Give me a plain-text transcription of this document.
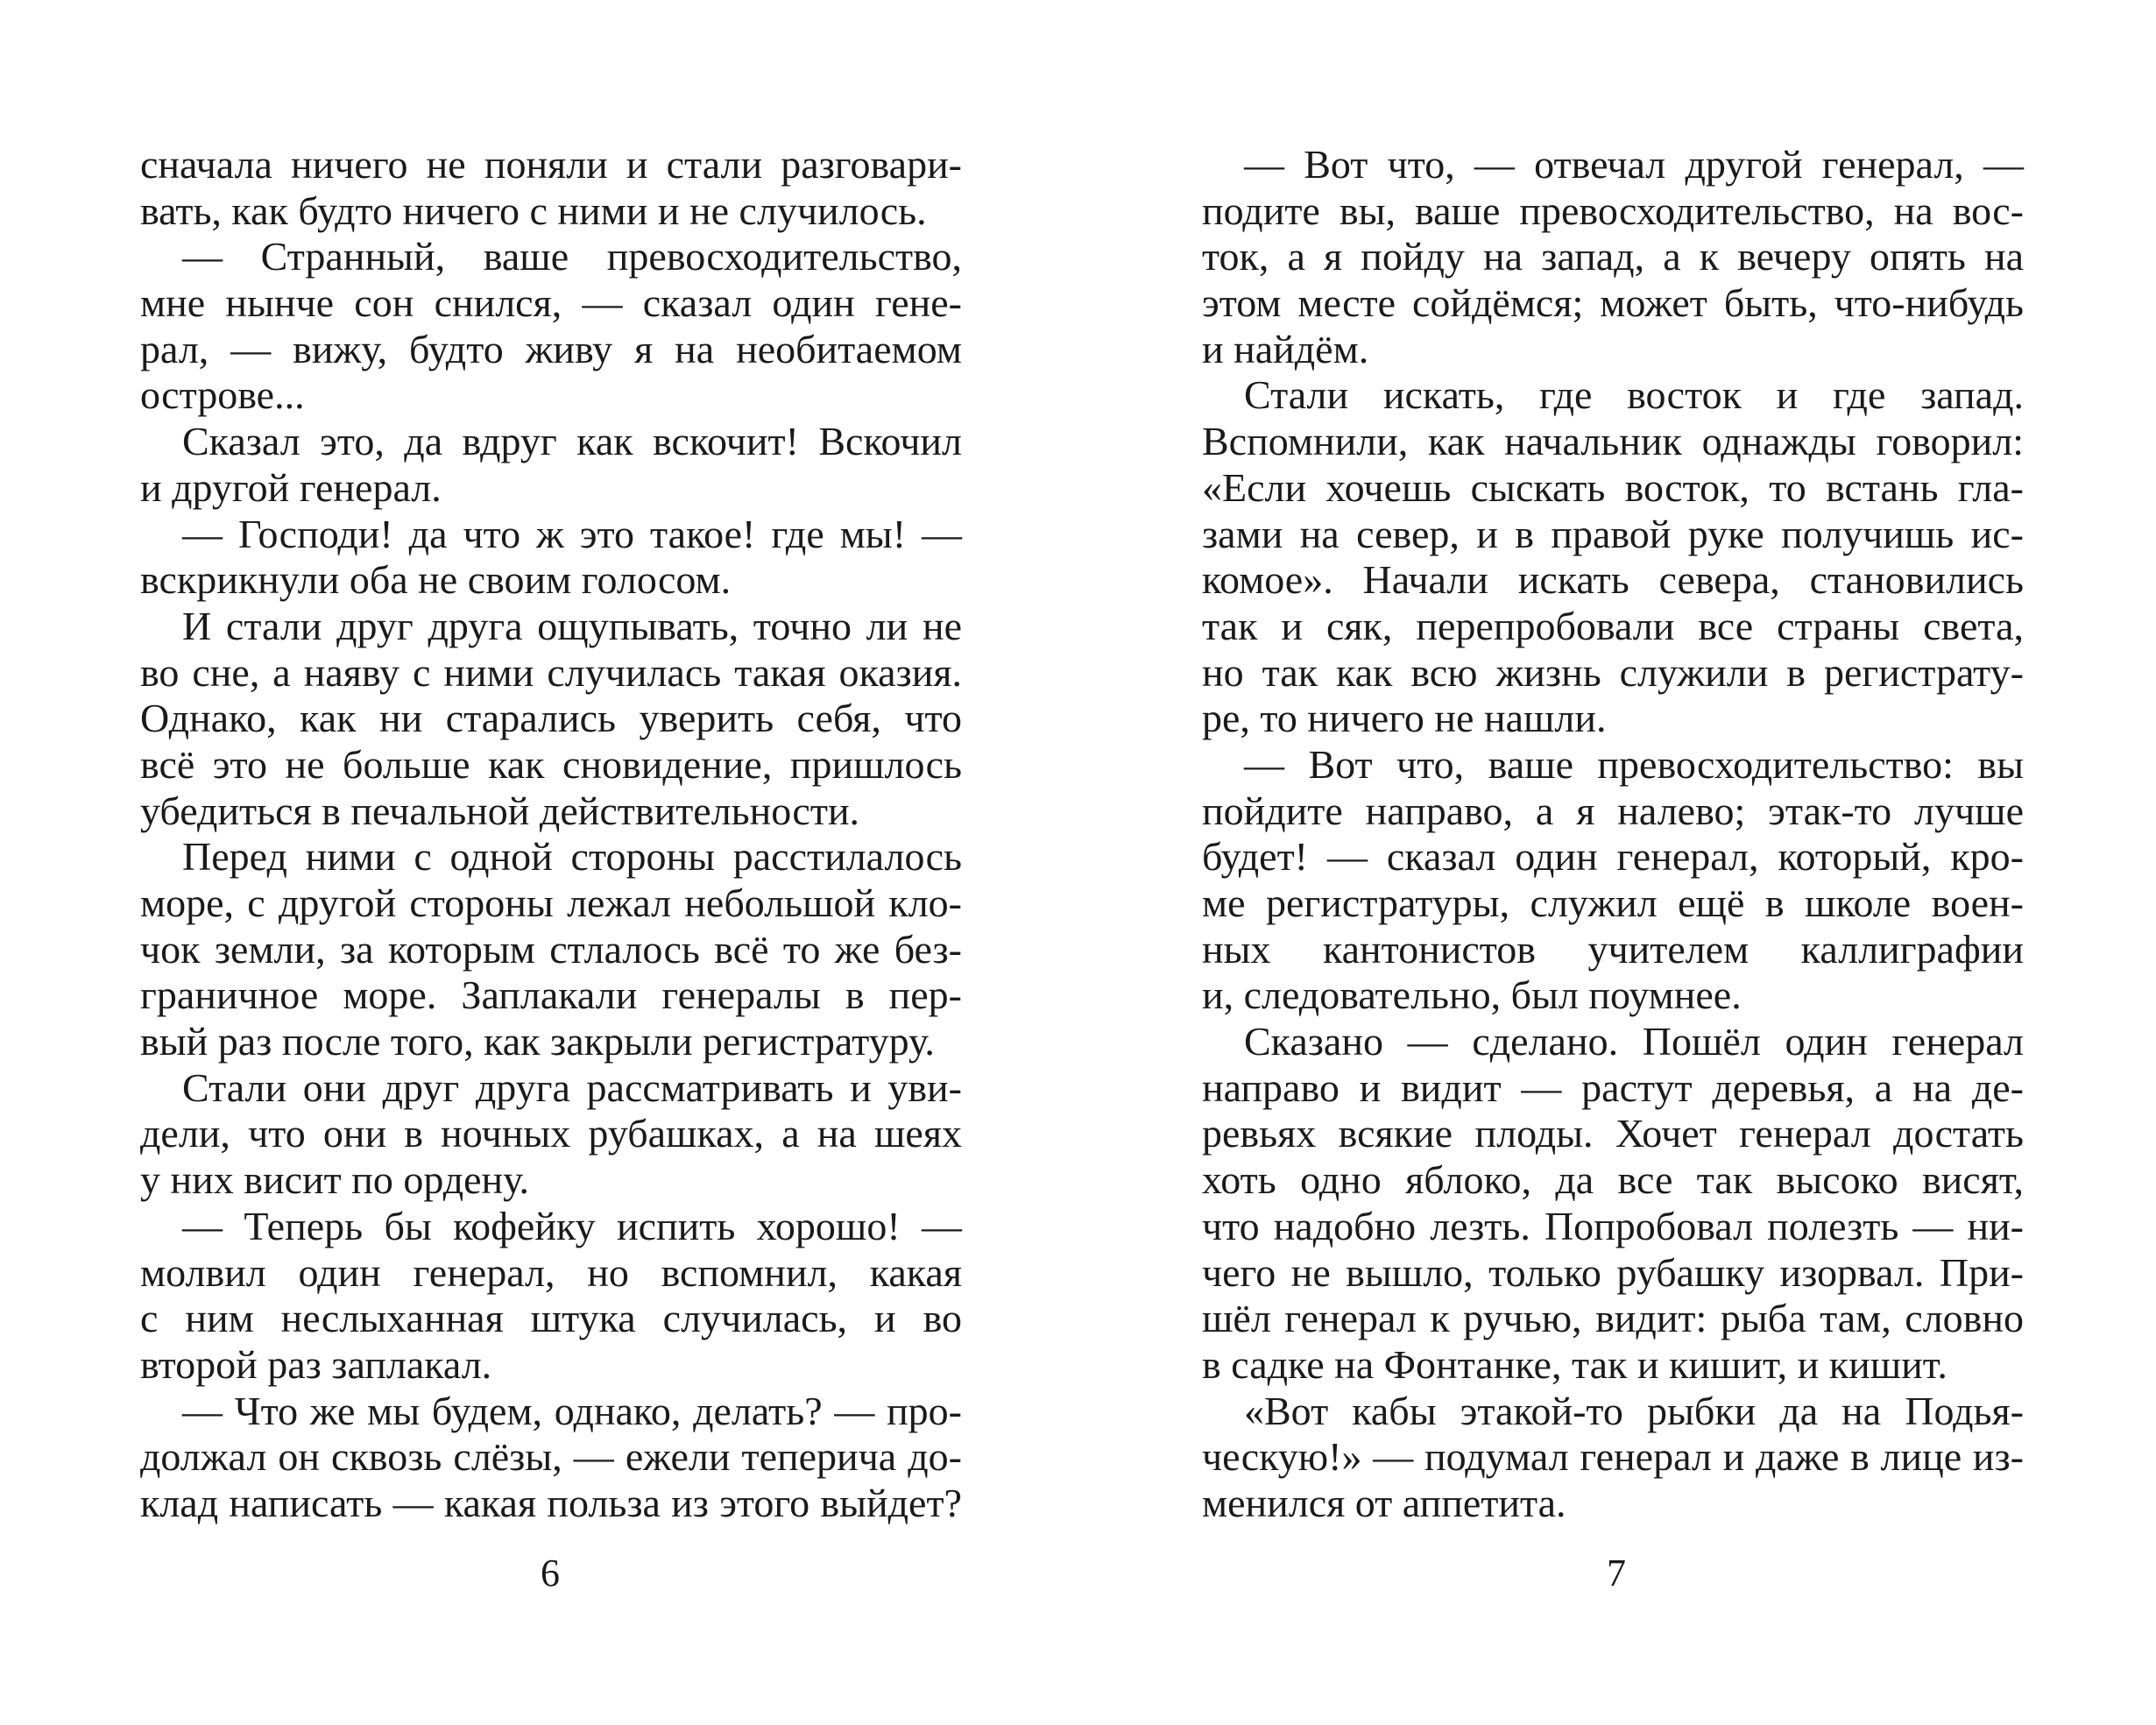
сначала ничего не поняли и стали разговари-
вать, как будто ничего с ними и не случилось.
— Странный, ваше превосходительство,
мне нынче сон снился, — сказал один гене-
рал, — вижу, будто живу я на необитаемом
острове...
Сказал это, да вдруг как вскочит! Вскочил
и другой генерал.
— Господи! да что ж это такое! где мы! —
вскрикнули оба не своим голосом.
И стали друг друга ощупывать, точно ли не
во сне, а наяву с ними случилась такая оказия.
Однако, как ни старались уверить себя, что
всё это не больше как сновидение, пришлось
убедиться в печальной действительности.
Перед ними с одной стороны расстилалось
море, с другой стороны лежал небольшой кло-
чок земли, за которым стлалось всё то же без-
граничное море. Заплакали генералы в пер-
вый раз после того, как закрыли регистратуру.
Стали они друг друга рассматривать и уви-
дели, что они в ночных рубашках, а на шеях
у них висит по ордену.
— Теперь бы кофейку испить хорошо! —
молвил один генерал, но вспомнил, какая
с ним неслыханная штука случилась, и во
второй раз заплакал.
— Что же мы будем, однако, делать? — про-
должал он сквозь слёзы, — ежели теперича до-
клад написать — какая польза из этого выйдет?
6
— Вот что, — отвечал другой генерал, —
подите вы, ваше превосходительство, на вос-
ток, а я пойду на запад, а к вечеру опять на
этом месте сойдёмся; может быть, что-нибудь
и найдём.
Стали искать, где восток и где запад.
Вспомнили, как начальник однажды говорил:
«Если хочешь сыскать восток, то встань гла-
зами на север, и в правой руке получишь ис-
комое». Начали искать севера, становились
так и сяк, перепробовали все страны света,
но так как всю жизнь служили в регистрату-
ре, то ничего не нашли.
— Вот что, ваше превосходительство: вы
пойдите направо, а я налево; этак-то лучше
будет! — сказал один генерал, который, кро-
ме регистратуры, служил ещё в школе воен-
ных кантонистов учителем каллиграфии
и, следовательно, был поумнее.
Сказано — сделано. Пошёл один генерал
направо и видит — растут деревья, а на де-
ревьях всякие плоды. Хочет генерал достать
хоть одно яблоко, да все так высоко висят,
что надобно лезть. Попробовал полезть — ни-
чего не вышло, только рубашку изорвал. При-
шёл генерал к ручью, видит: рыба там, словно
в садке на Фонтанке, так и кишит, и кишит.
«Вот кабы этакой-то рыбки да на Подья-
ческую!» — подумал генерал и даже в лице из-
менился от аппетита.
7
